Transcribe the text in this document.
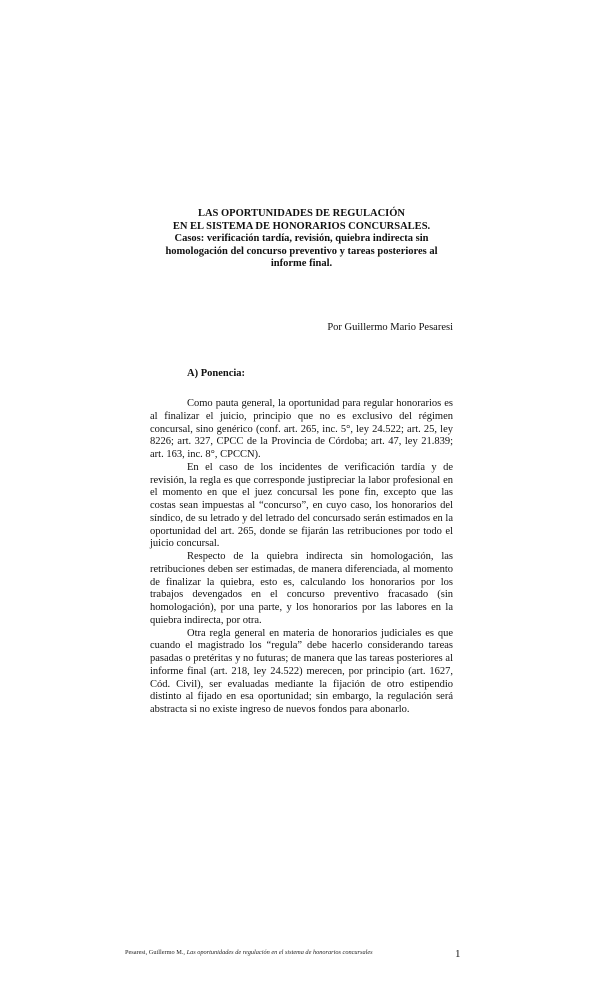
LAS OPORTUNIDADES DE REGULACIÓN
EN EL SISTEMA DE HONORARIOS CONCURSALES.
Casos: verificación tardía, revisión, quiebra indirecta sin homologación del concurso preventivo y tareas posteriores al informe final.
Por Guillermo Mario Pesaresi
A) Ponencia:

Como pauta general, la oportunidad para regular honorarios es al finalizar el juicio, principio que no es exclusivo del régimen concursal, sino genérico (conf. art. 265, inc. 5°, ley 24.522; art. 25, ley 8226; art. 327, CPCC de la Provincia de Córdoba; art. 47, ley 21.839; art. 163, inc. 8°, CPCCN).

En el caso de los incidentes de verificación tardía y de revisión, la regla es que corresponde justipreciar la labor profesional en el momento en que el juez concursal les pone fin, excepto que las costas sean impuestas al “concurso”, en cuyo caso, los honorarios del síndico, de su letrado y del letrado del concursado serán estimados en la oportunidad del art. 265, donde se fijarán las retribuciones por todo el juicio concursal.

Respecto de la quiebra indirecta sin homologación, las retribuciones deben ser estimadas, de manera diferenciada, al momento de finalizar la quiebra, esto es, calculando los honorarios por los trabajos devengados en el concurso preventivo fracasado (sin homologación), por una parte, y los honorarios por las labores en la quiebra indirecta, por otra.

Otra regla general en materia de honorarios judiciales es que cuando el magistrado los “regula” debe hacerlo considerando tareas pasadas o pretéritas y no futuras; de manera que las tareas posteriores al informe final (art. 218, ley 24.522) merecen, por principio (art. 1627, Cód. Civil), ser evaluadas mediante la fijación de otro estipendio distinto al fijado en esa oportunidad; sin embargo, la regulación será abstracta si no existe ingreso de nuevos fondos para abonarlo.

Pesaresi, Guillermo M., Las oportunidades de regulación en el sistema de honorarios concursales	1
